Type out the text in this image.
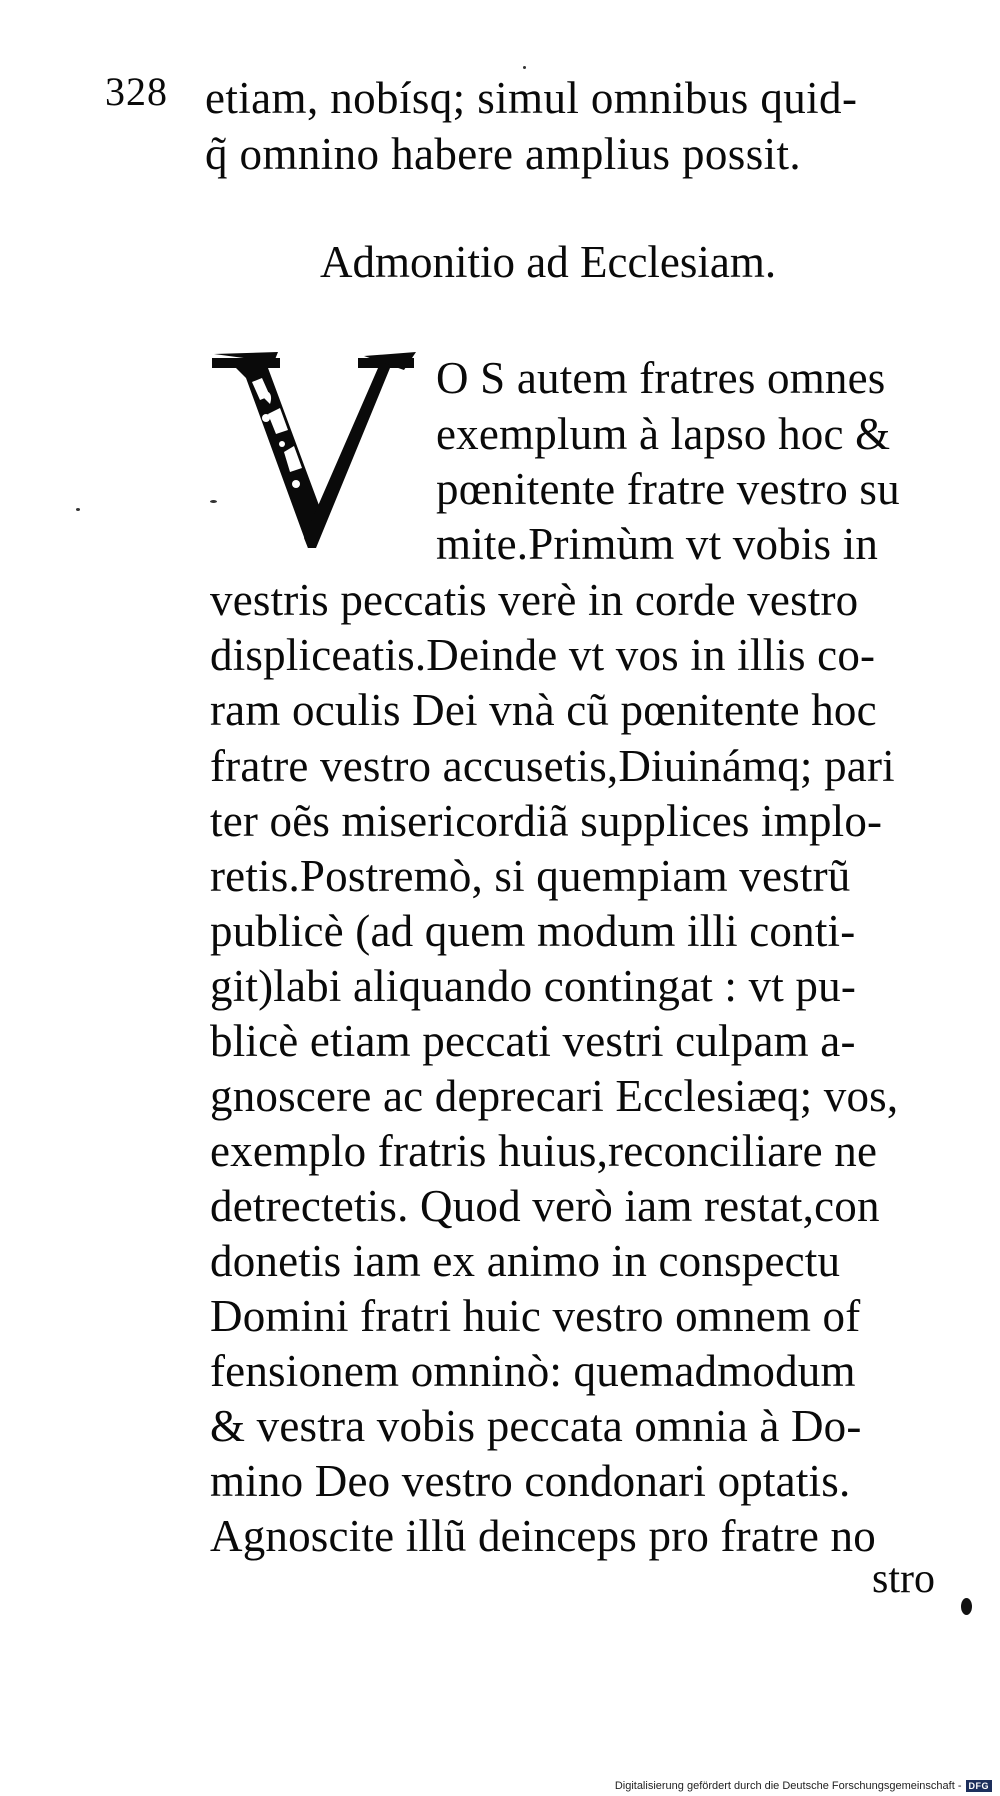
328 etiam, nobísq; simul omnibus quid-
q̃ omnino habere amplius possit.
Admonitio ad Ecclesiam.
O S autem fratres omnes
exemplum à lapso hoc &
pœnitente fratre vestro su
mite.Primùm vt vobis in
vestris peccatis verè in corde vestro
displiceatis.Deinde vt vos in illis co-
ram oculis Dei vnà cũ pœnitente hoc
fratre vestro accusetis,Diuinámq; pari
ter oẽs misericordiã supplices implo-
retis.Postremò, si quempiam vestrũ
publicè (ad quem modum illi conti-
git)labi aliquando contingat : vt pu-
blicè etiam peccati vestri culpam a-
gnoscere ac deprecari Ecclesiæq; vos,
exemplo fratris huius,reconciliare ne
detrectetis. Quod verò iam restat,con
donetis iam ex animo in conspectu
Domini fratri huic vestro omnem of
fensionem omninò: quemadmodum
& vestra vobis peccata omnia à Do-
mino Deo vestro condonari optatis.
Agnoscite illũ deinceps pro fratre no
stro
Digitalisierung gefördert durch die Deutsche Forschungsgemeinschaft - DFG
